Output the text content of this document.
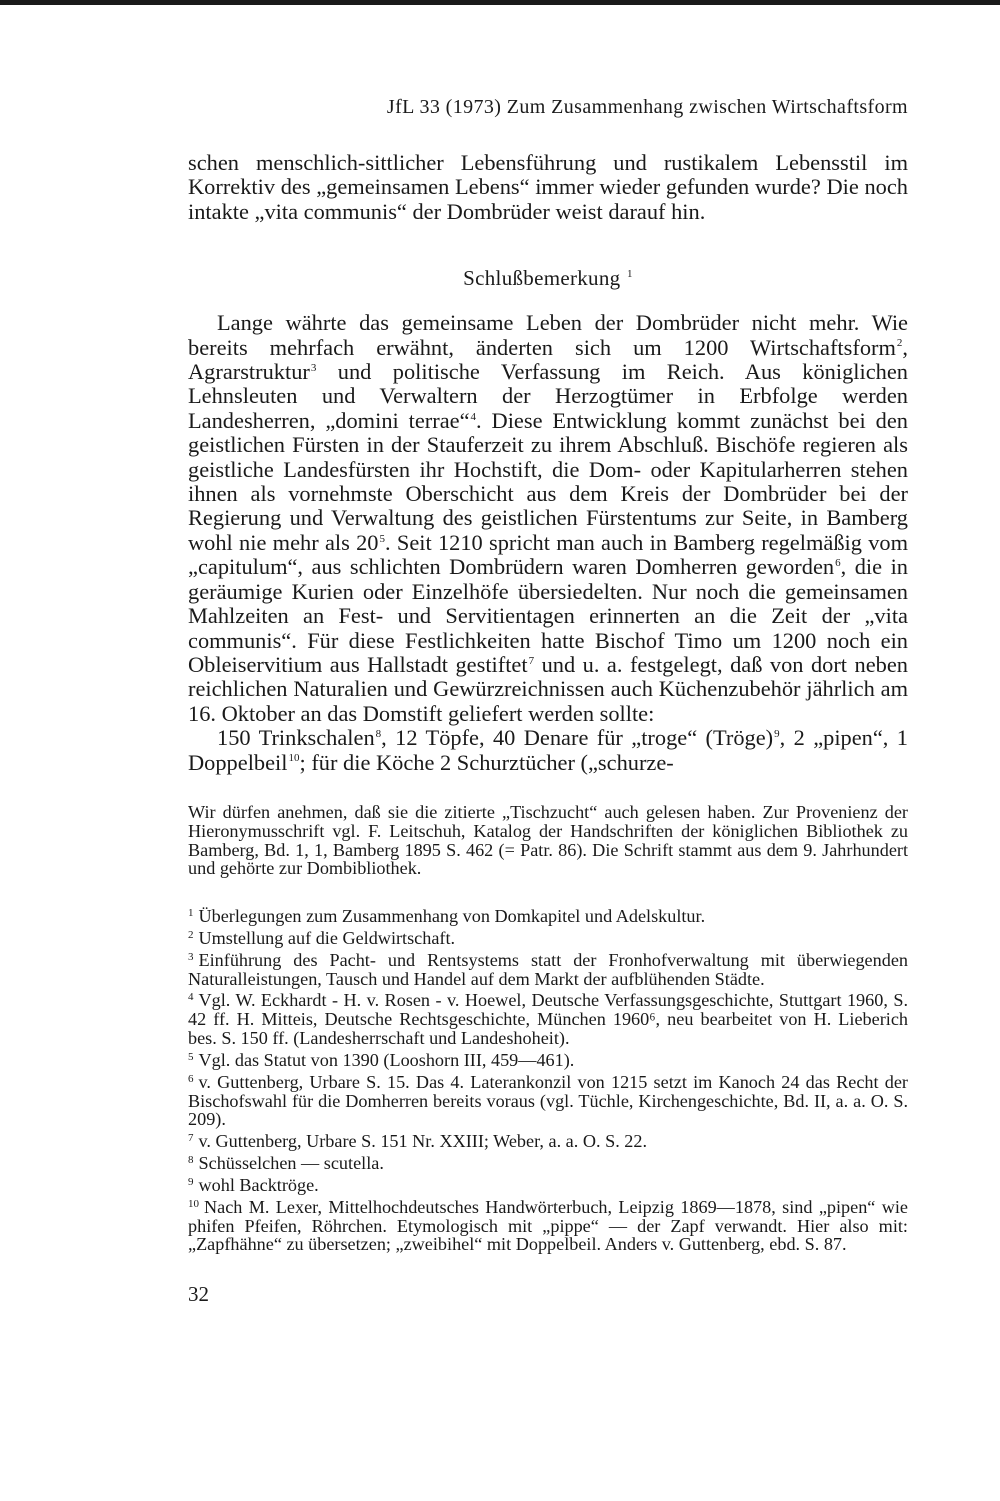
JfL 33 (1973) Zum Zusammenhang zwischen Wirtschaftsform

schen menschlich-sittlicher Lebensführung und rustikalem Lebensstil im Korrektiv des „gemeinsamen Lebens“ immer wieder gefunden wurde? Die noch intakte „vita communis“ der Dombrüder weist darauf hin.

Schlußbemerkung $^1$

Lange währte das gemeinsame Leben der Dombrüder nicht mehr. Wie bereits mehrfach erwähnt, änderten sich um 1200 Wirtschaftsform$^2$, Agrarstruktur$^3$ und politische Verfassung im Reich. Aus königlichen Lehnsleuten und Verwaltern der Herzogtümer in Erbfolge werden Landesherren, „domini terrae“$^4$. Diese Entwicklung kommt zunächst bei den geistlichen Fürsten in der Stauferzeit zu ihrem Abschluß. Bischöfe regieren als geistliche Landesfürsten ihr Hochstift, die Dom- oder Kapitularherren stehen ihnen als vornehmste Oberschicht aus dem Kreis der Dombrüder bei der Regierung und Verwaltung des geistlichen Fürstentums zur Seite, in Bamberg wohl nie mehr als $20^5$. Seit 1210 spricht man auch in Bamberg regelmäßig vom „capitulum“, aus schlichten Dombrüdern waren Domherren geworden$^6$, die in geräumige Kurien oder Einzelhöfe übersiedelten. Nur noch die gemeinsamen Mahlzeiten an Fest- und Servitientagen erinnerten an die Zeit der „vita communis“. Für diese Festlichkeiten hatte Bischof Timo um 1200 noch ein Obleiservitium aus Hallstadt gestiftet$^7$ und u. a. festgelegt, daß von dort neben reichlichen Naturalien und Gewürzreichnissen auch Küchenzubehör jährlich am 16. Oktober an das Domstift geliefert werden sollte:

150 Trinkschalen$^8$, 12 Töpfe, 40 Denare für „troge“ (Tröge)$^9$, 2 „pipen“, 1 Doppelbeil$^{10}$; für die Köche 2 Schurztücher („schurze-

Wir dürfen anehmen, daß sie die zitierte „Tischzucht“ auch gelesen haben. Zur Provenienz der Hieronymusschrift vgl. F. Leitschuh, Katalog der Handschriften der königlichen Bibliothek zu Bamberg, Bd. 1, 1, Bamberg 1895 S. 462 (= Patr. 86). Die Schrift stammt aus dem 9. Jahrhundert und gehörte zur Dombibliothek.

$^1$ Überlegungen zum Zusammenhang von Domkapitel und Adelskultur.

$^2$ Umstellung auf die Geldwirtschaft.

$^3$ Einführung des Pacht- und Rentsystems statt der Fronhofverwaltung mit überwiegenden Naturalleistungen, Tausch und Handel auf dem Markt der aufblühenden Städte.

$^4$ Vgl. W. Eckhardt - H. v. Rosen - v. Hoewel, Deutsche Verfassungsgeschichte, Stuttgart 1960, S. 42 ff. H. Mitteis, Deutsche Rechtsgeschichte, München 1960⁶, neu bearbeitet von H. Lieberich bes. S. 150 ff. (Landesherrschaft und Landeshoheit).

$^5$ Vgl. das Statut von 1390 (Looshorn III, 459—461).

$^6$ v. Guttenberg, Urbare S. 15. Das 4. Laterankonzil von 1215 setzt im Kanoch 24 das Recht der Bischofswahl für die Domherren bereits voraus (vgl. Tüchle, Kirchengeschichte, Bd. II, a. a. O. S. 209).

$^7$ v. Guttenberg, Urbare S. 151 Nr. XXIII; Weber, a. a. O. S. 22.

$^8$ Schüsselchen — scutella.

$^9$ wohl Backtröge.

$^{10}$ Nach M. Lexer, Mittelhochdeutsches Handwörterbuch, Leipzig 1869—1878, sind „pipen“ wie phifen Pfeifen, Röhrchen. Etymologisch mit „pippe“ — der Zapf verwandt. Hier also mit: „Zapfhähne“ zu übersetzen; „zweibihel“ mit Doppelbeil. Anders v. Guttenberg, ebd. S. 87.

32
